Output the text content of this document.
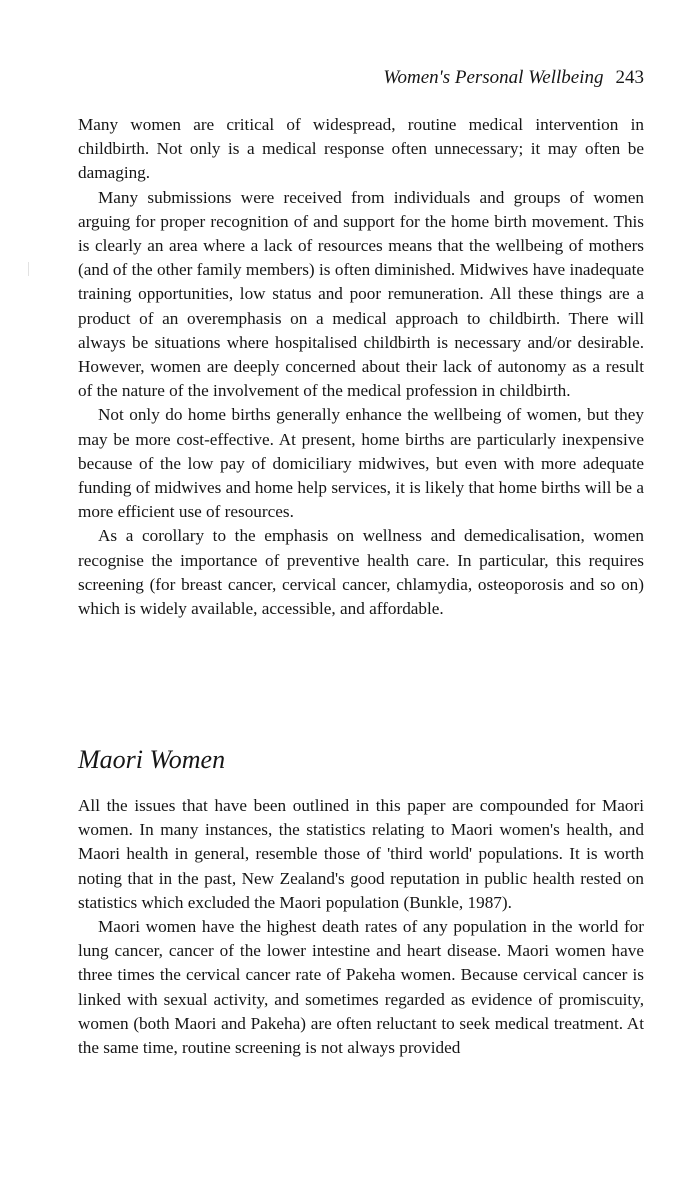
Women's Personal Wellbeing 243

Many women are critical of widespread, routine medical intervention in childbirth. Not only is a medical response often unnecessary; it may often be damaging.

Many submissions were received from individuals and groups of women arguing for proper recognition of and support for the home birth movement. This is clearly an area where a lack of resources means that the wellbeing of mothers (and of the other family members) is often diminished. Midwives have inadequate training opportunities, low status and poor remuneration. All these things are a product of an overemphasis on a medical approach to childbirth. There will always be situations where hospitalised childbirth is necessary and/or desirable. However, women are deeply concerned about their lack of autonomy as a result of the nature of the involvement of the medical profession in childbirth.

Not only do home births generally enhance the wellbeing of women, but they may be more cost-effective. At present, home births are particularly inexpensive because of the low pay of domiciliary midwives, but even with more adequate funding of midwives and home help services, it is likely that home births will be a more efficient use of resources.

As a corollary to the emphasis on wellness and demedicalisation, women recognise the importance of preventive health care. In particular, this requires screening (for breast cancer, cervical cancer, chlamydia, osteoporosis and so on) which is widely available, accessible, and affordable.

Maori Women

All the issues that have been outlined in this paper are compounded for Maori women. In many instances, the statistics relating to Maori women's health, and Maori health in general, resemble those of 'third world' populations. It is worth noting that in the past, New Zealand's good reputation in public health rested on statistics which excluded the Maori population (Bunkle, 1987).

Maori women have the highest death rates of any population in the world for lung cancer, cancer of the lower intestine and heart disease. Maori women have three times the cervical cancer rate of Pakeha women. Because cervical cancer is linked with sexual activity, and sometimes regarded as evidence of promiscuity, women (both Maori and Pakeha) are often reluctant to seek medical treatment. At the same time, routine screening is not always provided
